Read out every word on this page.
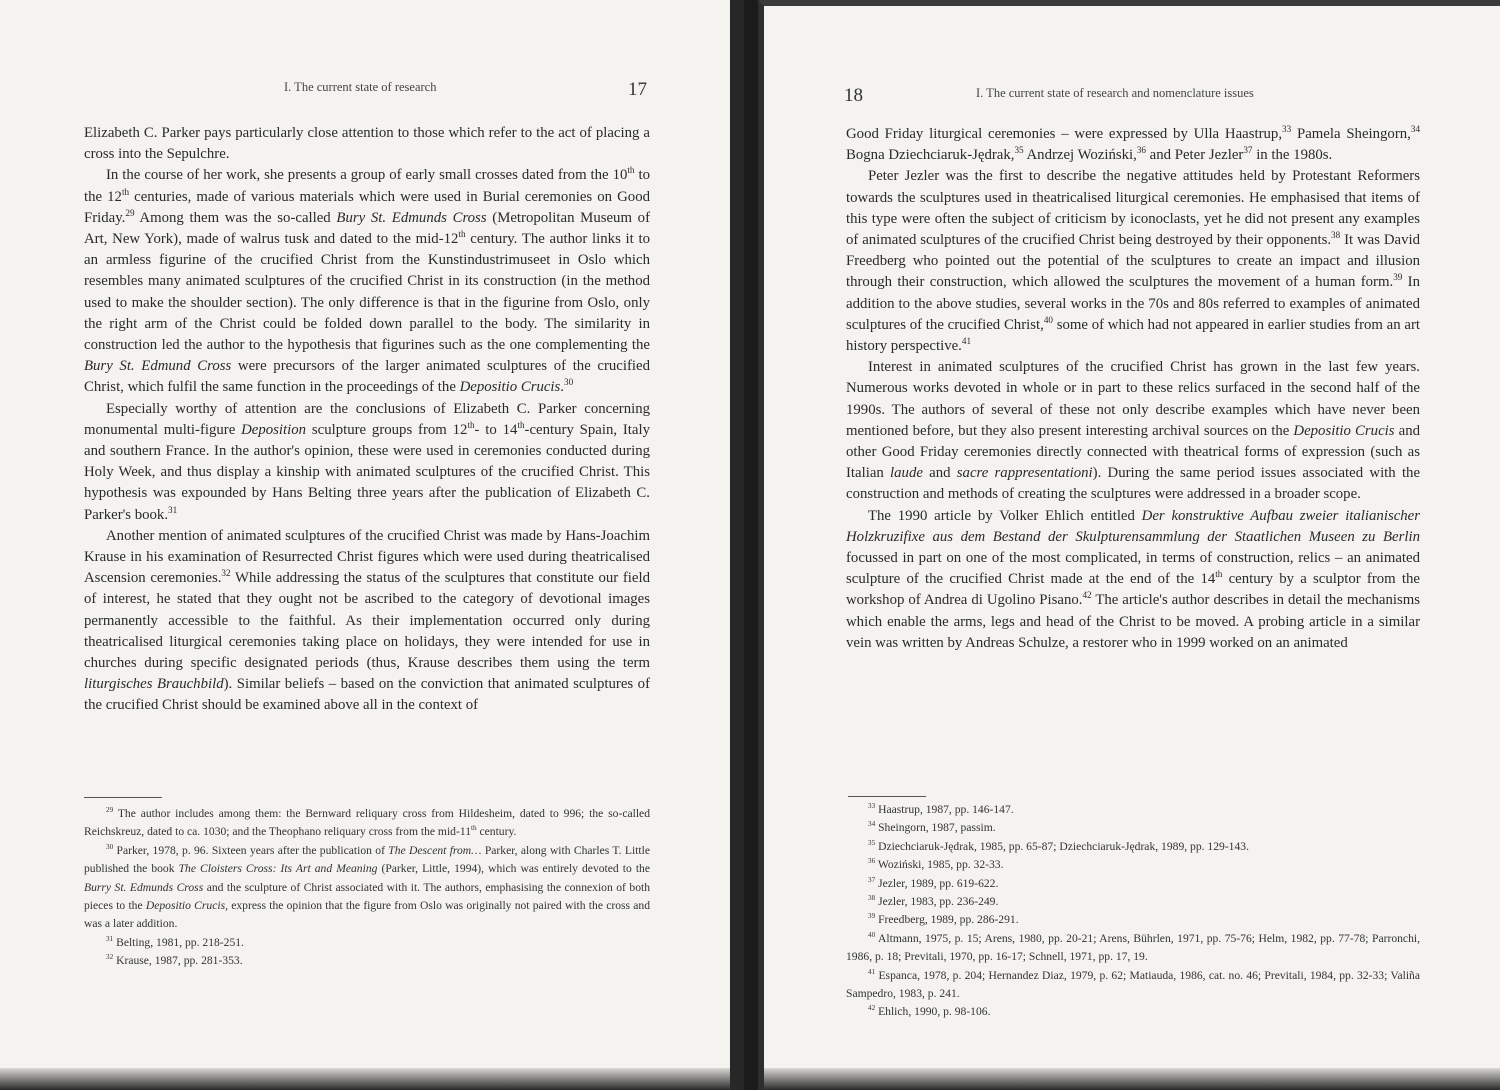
I. The current state of research	17

Elizabeth C. Parker pays particularly close attention to those which refer to the act of placing a cross into the Sepulchre.

In the course of her work, she presents a group of early small crosses dated from the 10th to the 12th centuries, made of various materials which were used in Burial ceremonies on Good Friday.$^{29}$ Among them was the so-called Bury St. Edmunds Cross (Metropolitan Museum of Art, New York), made of walrus tusk and dated to the mid-12th century. The author links it to an armless figurine of the crucified Christ from the Kunstindustrimuseet in Oslo which resembles many animated sculptures of the crucified Christ in its construction (in the method used to make the shoulder section). The only difference is that in the figurine from Oslo, only the right arm of the Christ could be folded down parallel to the body. The similarity in construction led the author to the hypothesis that figurines such as the one complementing the Bury St. Edmund Cross were precursors of the larger animated sculptures of the crucified Christ, which fulfil the same function in the proceedings of the Depositio Crucis.$^{30}$

Especially worthy of attention are the conclusions of Elizabeth C. Parker concerning monumental multi-figure Deposition sculpture groups from 12th- to 14th-century Spain, Italy and southern France. In the author's opinion, these were used in ceremonies conducted during Holy Week, and thus display a kinship with animated sculptures of the crucified Christ. This hypothesis was expounded by Hans Belting three years after the publication of Elizabeth C. Parker's book.$^{31}$

Another mention of animated sculptures of the crucified Christ was made by Hans-Joachim Krause in his examination of Resurrected Christ figures which were used during theatricalised Ascension ceremonies.$^{32}$ While addressing the status of the sculptures that constitute our field of interest, he stated that they ought not be ascribed to the category of devotional images permanently accessible to the faithful. As their implementation occurred only during theatricalised liturgical ceremonies taking place on holidays, they were intended for use in churches during specific designated periods (thus, Krause describes them using the term liturgisches Brauchbild). Similar beliefs – based on the conviction that animated sculptures of the crucified Christ should be examined above all in the context of

$^{29}$ The author includes among them: the Bernward reliquary cross from Hildesheim, dated to 996; the so-called Reichskreuz, dated to ca. 1030; and the Theophano reliquary cross from the mid-11th century.

$^{30}$ Parker, 1978, p. 96. Sixteen years after the publication of The Descent from… Parker, along with Charles T. Little published the book The Cloisters Cross: Its Art and Meaning (Parker, Little, 1994), which was entirely devoted to the Burry St. Edmunds Cross and the sculpture of Christ associated with it. The authors, emphasising the connexion of both pieces to the Depositio Crucis, express the opinion that the figure from Oslo was originally not paired with the cross and was a later addition.

$^{31}$ Belting, 1981, pp. 218-251.

$^{32}$ Krause, 1987, pp. 281-353.

18	I. The current state of research and nomenclature issues

Good Friday liturgical ceremonies – were expressed by Ulla Haastrup,$^{33}$ Pamela Sheingorn,$^{34}$ Bogna Dziechciaruk-Jędrak,$^{35}$ Andrzej Woziński,$^{36}$ and Peter Jezler$^{37}$ in the 1980s.

Peter Jezler was the first to describe the negative attitudes held by Protestant Reformers towards the sculptures used in theatricalised liturgical ceremonies. He emphasised that items of this type were often the subject of criticism by iconoclasts, yet he did not present any examples of animated sculptures of the crucified Christ being destroyed by their opponents.$^{38}$ It was David Freedberg who pointed out the potential of the sculptures to create an impact and illusion through their construction, which allowed the sculptures the movement of a human form.$^{39}$ In addition to the above studies, several works in the 70s and 80s referred to examples of animated sculptures of the crucified Christ,$^{40}$ some of which had not appeared in earlier studies from an art history perspective.$^{41}$

Interest in animated sculptures of the crucified Christ has grown in the last few years. Numerous works devoted in whole or in part to these relics surfaced in the second half of the 1990s. The authors of several of these not only describe examples which have never been mentioned before, but they also present interesting archival sources on the Depositio Crucis and other Good Friday ceremonies directly connected with theatrical forms of expression (such as Italian laude and sacre rappresentationi). During the same period issues associated with the construction and methods of creating the sculptures were addressed in a broader scope.

The 1990 article by Volker Ehlich entitled Der konstruktive Aufbau zweier italianischer Holzkruzifixe aus dem Bestand der Skulpturensammlung der Staatlichen Museen zu Berlin focussed in part on one of the most complicated, in terms of construction, relics – an animated sculpture of the crucified Christ made at the end of the 14th century by a sculptor from the workshop of Andrea di Ugolino Pisano.$^{42}$ The article's author describes in detail the mechanisms which enable the arms, legs and head of the Christ to be moved. A probing article in a similar vein was written by Andreas Schulze, a restorer who in 1999 worked on an animated

$^{33}$ Haastrup, 1987, pp. 146-147.

$^{34}$ Sheingorn, 1987, passim.

$^{35}$ Dziechciaruk-Jędrak, 1985, pp. 65-87; Dziechciaruk-Jędrak, 1989, pp. 129-143.

$^{36}$ Woziński, 1985, pp. 32-33.

$^{37}$ Jezler, 1989, pp. 619-622.

$^{38}$ Jezler, 1983, pp. 236-249.

$^{39}$ Freedberg, 1989, pp. 286-291.

$^{40}$ Altmann, 1975, p. 15; Arens, 1980, pp. 20-21; Arens, Bührlen, 1971, pp. 75-76; Helm, 1982, pp. 77-78; Parronchi, 1986, p. 18; Previtali, 1970, pp. 16-17; Schnell, 1971, pp. 17, 19.

$^{41}$ Espanca, 1978, p. 204; Hernandez Diaz, 1979, p. 62; Matiauda, 1986, cat. no. 46; Previtali, 1984, pp. 32-33; Valiña Sampedro, 1983, p. 241.

$^{42}$ Ehlich, 1990, p. 98-106.
